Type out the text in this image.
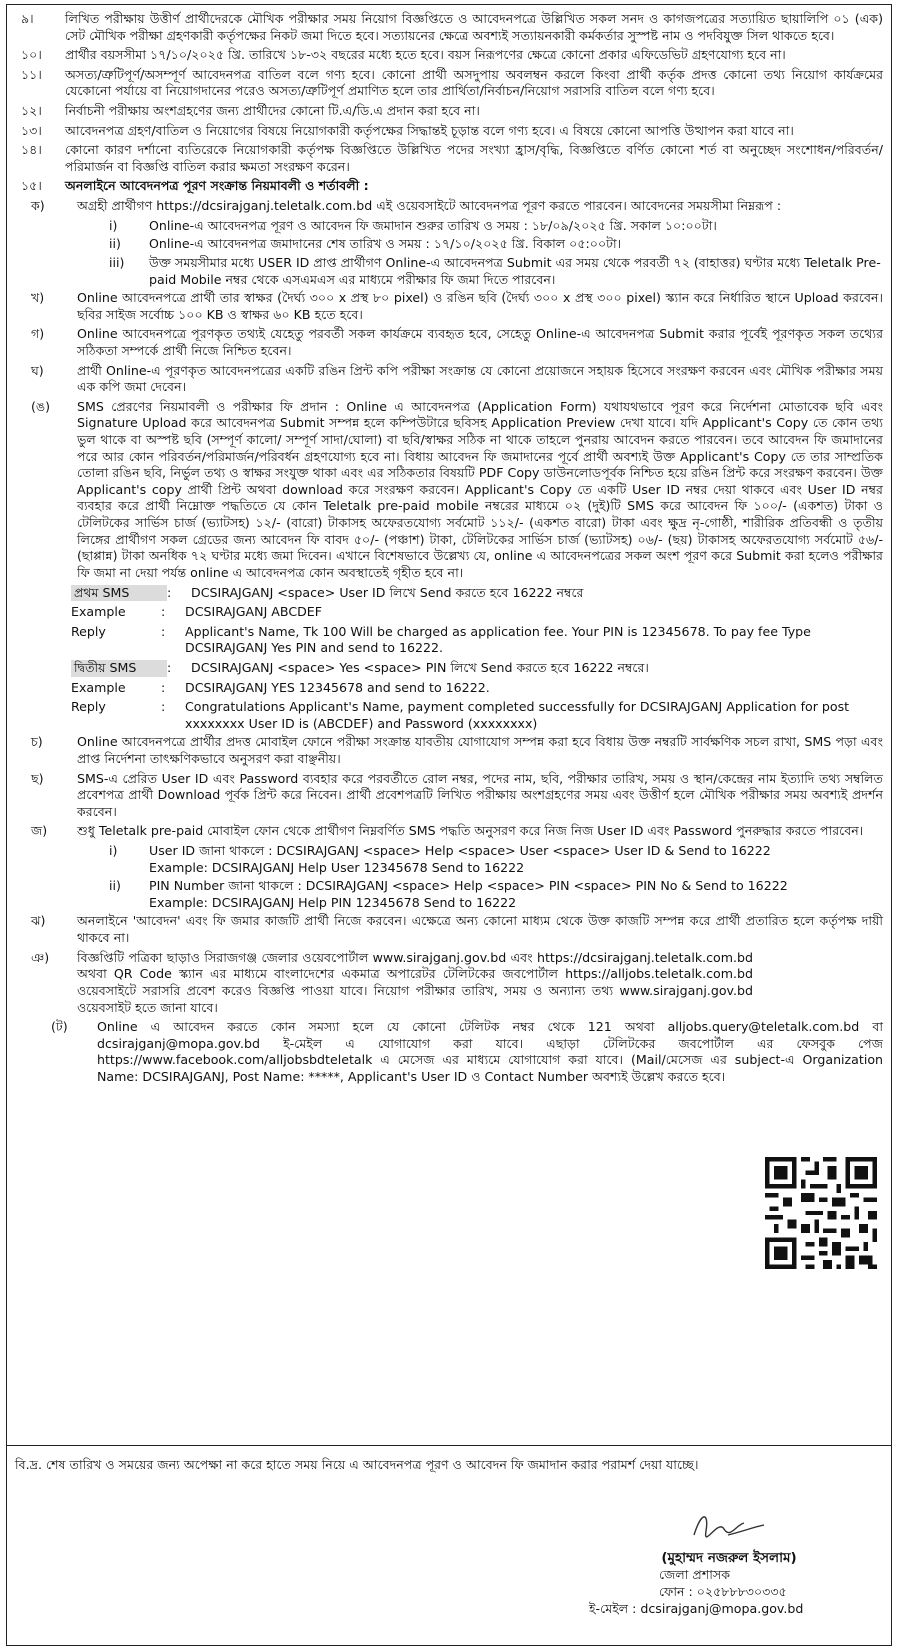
৯।	লিখিত পরীক্ষায় উত্তীর্ণ প্রার্থীদেরকে মৌখিক পরীক্ষার সময় নিয়োগ বিজ্ঞপ্তিতে ও আবেদনপত্রে উল্লিখিত সকল সনদ ও কাগজপত্রের সত্যায়িত ছায়ালিপি ০১ (এক) সেট মৌখিক পরীক্ষা গ্রহণকারী কর্তৃপক্ষের নিকট জমা দিতে হবে। সত্যায়নের ক্ষেত্রে অবশ্যই সত্যায়নকারী কর্মকর্তার সুস্পষ্ট নাম ও পদবিযুক্ত সিল থাকতে হবে।
১০।	প্রার্থীর বয়সসীমা ১৭/১০/২০২৫ খ্রি. তারিখে ১৮-৩২ বছরের মধ্যে হতে হবে। বয়স নিরূপণের ক্ষেত্রে কোনো প্রকার এফিডেভিট গ্রহণযোগ্য হবে না।
১১।	অসত্য/ত্রুটিপূর্ণ/অসম্পূর্ণ আবেদনপত্র বাতিল বলে গণ্য হবে। কোনো প্রার্থী অসদুপায় অবলম্বন করলে কিংবা প্রার্থী কর্তৃক প্রদত্ত কোনো তথ্য নিয়োগ কার্যক্রমের যেকোনো পর্যায়ে বা নিয়োগদানের পরেও অসত্য/ত্রুটিপূর্ণ প্রমাণিত হলে তার প্রার্থিতা/নির্বাচন/নিয়োগ সরাসরি বাতিল বলে গণ্য হবে।
১২।	নির্বাচনী পরীক্ষায় অংশগ্রহণের জন্য প্রার্থীদের কোনো টি.এ/ডি.এ প্রদান করা হবে না।
১৩।	আবেদনপত্র গ্রহণ/বাতিল ও নিয়োগের বিষয়ে নিয়োগকারী কর্তৃপক্ষের সিদ্ধান্তই চূড়ান্ত বলে গণ্য হবে। এ বিষয়ে কোনো আপত্তি উত্থাপন করা যাবে না।
১৪।	কোনো কারণ দর্শানো ব্যতিরেকে নিয়োগকারী কর্তৃপক্ষ বিজ্ঞপ্তিতে উল্লিখিত পদের সংখ্যা হ্রাস/বৃদ্ধি, বিজ্ঞপ্তিতে বর্ণিত কোনো শর্ত বা অনুচ্ছেদ সংশোধন/পরিবর্তন/পরিমার্জন বা বিজ্ঞপ্তি বাতিল করার ক্ষমতা সংরক্ষণ করেন।
১৫।	অনলাইনে আবেদনপত্র পূরণ সংক্রান্ত নিয়মাবলী ও শর্তাবলী :
ক)	অগ্রহী প্রার্থীগণ https://dcsirajganj.teletalk.com.bd এই ওয়েবসাইটে আবেদনপত্র পূরণ করতে পারবেন। আবেদনের সময়সীমা নিম্নরূপ :
i)	Online-এ আবেদনপত্র পূরণ ও আবেদন ফি জমাদান শুরুর তারিখ ও সময় : ১৮/০৯/২০২৫ খ্রি. সকাল ১০:০০টা।
ii)	Online-এ আবেদনপত্র জমাদানের শেষ তারিখ ও সময় : ১৭/১০/২০২৫ খ্রি. বিকাল ০৫:০০টা।
iii)	উক্ত সময়সীমার মধ্যে USER ID প্রাপ্ত প্রার্থীগণ Online-এ আবেদনপত্র Submit এর সময় থেকে পরবর্তী ৭২ (বাহাত্তর) ঘণ্টার মধ্যে Teletalk Pre-paid Mobile নম্বর থেকে এসএমএস এর মাধ্যমে পরীক্ষার ফি জমা দিতে পারবেন।
খ)	Online আবেদনপত্রে প্রার্থী তার স্বাক্ষর (দৈর্ঘ্য ৩০০ x প্রস্থ ৮০ pixel) ও রঙিন ছবি (দৈর্ঘ্য ৩০০ x প্রস্থ ৩০০ pixel) স্ক্যান করে নির্ধারিত স্থানে Upload করবেন। ছবির সাইজ সর্বোচ্চ ১০০ KB ও স্বাক্ষর ৬০ KB হতে হবে।
গ)	Online আবেদনপত্রে পূরণকৃত তথ্যই যেহেতু পরবর্তী সকল কার্যক্রমে ব্যবহৃত হবে, সেহেতু Online-এ আবেদনপত্র Submit করার পূর্বেই পূরণকৃত সকল তথ্যের সঠিকতা সম্পর্কে প্রার্থী নিজে নিশ্চিত হবেন।
ঘ)	প্রার্থী Online-এ পূরণকৃত আবেদনপত্রের একটি রঙিন প্রিন্ট কপি পরীক্ষা সংক্রান্ত যে কোনো প্রয়োজনে সহায়ক হিসেবে সংরক্ষণ করবেন এবং মৌখিক পরীক্ষার সময় এক কপি জমা দেবেন।
(ঙ)	SMS প্রেরণের নিয়মাবলী ও পরীক্ষার ফি প্রদান : Online এ আবেদনপত্র (Application Form) যথাযথভাবে পূরণ করে নির্দেশনা মোতাবেক ছবি এবং Signature Upload করে আবেদনপত্র Submit সম্পন্ন হলে কম্পিউটারে ছবিসহ Application Preview দেখা যাবে। যদি Applicant's Copy তে কোন তথ্য ভুল থাকে বা অস্পষ্ট ছবি (সম্পূর্ণ কালো/ সম্পূর্ণ সাদা/ঘোলা) বা ছবি/স্বাক্ষর সঠিক না থাকে তাহলে পুনরায় আবেদন করতে পারবেন। তবে আবেদন ফি জমাদানের পরে আর কোন পরিবর্তন/পরিমার্জন/পরিবর্ধন গ্রহণযোগ্য হবে না। বিধায় আবেদন ফি জমাদানের পূর্বে প্রার্থী অবশ্যই উক্ত Applicant's Copy তে তার সাম্প্রতিক তোলা রঙিন ছবি, নির্ভুল তথ্য ও স্বাক্ষর সংযুক্ত থাকা এবং এর সঠিকতার বিষয়টি PDF Copy ডাউনলোডপূর্বক নিশ্চিত হয়ে রঙিন প্রিন্ট করে সংরক্ষণ করবেন। উক্ত Applicant's copy প্রার্থী প্রিন্ট অথবা download করে সংরক্ষণ করবেন। Applicant's Copy তে একটি User ID নম্বর দেয়া থাকবে এবং User ID নম্বর ব্যবহার করে প্রার্থী নিম্নোক্ত পদ্ধতিতে যে কোন Teletalk pre-paid mobile নম্বরের মাধ্যমে ০২ (দুই)টি SMS করে আবেদন ফি ১০০/- (একশত) টাকা ও টেলিটকের সার্ভিস চার্জ (ভ্যাটসহ) ১২/- (বারো) টাকাসহ অফেরতযোগ্য সর্বমোট ১১২/- (একশত বারো) টাকা এবং ক্ষুদ্র নৃ-গোষ্ঠী, শারীরিক প্রতিবন্ধী ও তৃতীয় লিঙ্গের প্রার্থীগণ সকল গ্রেডের জন্য আবেদন ফি বাবদ ৫০/- (পঞ্চাশ) টাকা, টেলিটকের সার্ভিস চার্জ (ভ্যাটসহ) ০৬/- (ছয়) টাকাসহ অফেরতযোগ্য সর্বমোট ৫৬/- (ছাপ্পান্ন) টাকা অনধিক ৭২ ঘণ্টার মধ্যে জমা দিবেন। এখানে বিশেষভাবে উল্লেখ্য যে, online এ আবেদনপত্রের সকল অংশ পূরণ করে Submit করা হলেও পরীক্ষার ফি জমা না দেয়া পর্যন্ত online এ আবেদনপত্র কোন অবস্থাতেই গৃহীত হবে না।
প্রথম SMS	:	DCSIRAJGANJ <space> User ID লিখে Send করতে হবে 16222 নম্বরে
Example	:	DCSIRAJGANJ ABCDEF
Reply	:	Applicant's Name, Tk 100 Will be charged as application fee. Your PIN is 12345678. To pay fee Type DCSIRAJGANJ Yes PIN and send to 16222.
দ্বিতীয় SMS	:	DCSIRAJGANJ <space> Yes <space> PIN লিখে Send করতে হবে 16222 নম্বরে।
Example	:	DCSIRAJGANJ YES 12345678 and send to 16222.
Reply	:	Congratulations Applicant's Name, payment completed successfully for DCSIRAJGANJ Application for post xxxxxxxx User ID is (ABCDEF) and Password (xxxxxxxx)
চ)	Online আবেদনপত্রে প্রার্থীর প্রদত্ত মোবাইল ফোনে পরীক্ষা সংক্রান্ত যাবতীয় যোগাযোগ সম্পন্ন করা হবে বিধায় উক্ত নম্বরটি সার্বক্ষণিক সচল রাখা, SMS পড়া এবং প্রাপ্ত নির্দেশনা তাৎক্ষণিকভাবে অনুসরণ করা বাঞ্ছনীয়।
ছ)	SMS-এ প্রেরিত User ID এবং Password ব্যবহার করে পরবর্তীতে রোল নম্বর, পদের নাম, ছবি, পরীক্ষার তারিখ, সময় ও স্থান/কেন্দ্রের নাম ইত্যাদি তথ্য সম্বলিত প্রবেশপত্র প্রার্থী Download পূর্বক প্রিন্ট করে নিবেন। প্রার্থী প্রবেশপত্রটি লিখিত পরীক্ষায় অংশগ্রহণের সময় এবং উত্তীর্ণ হলে মৌখিক পরীক্ষার সময় অবশ্যই প্রদর্শন করবেন।
জ)	শুধু Teletalk pre-paid মোবাইল ফোন থেকে প্রার্থীগণ নিম্নবর্ণিত SMS পদ্ধতি অনুসরণ করে নিজ নিজ User ID এবং Password পুনরুদ্ধার করতে পারবেন।
i)	User ID জানা থাকলে : DCSIRAJGANJ <space> Help <space> User <space> User ID & Send to 16222
Example: DCSIRAJGANJ Help User 12345678 Send to 16222
ii)	PIN Number জানা থাকলে : DCSIRAJGANJ <space> Help <space> PIN <space> PIN No & Send to 16222
Example: DCSIRAJGANJ Help PIN 12345678 Send to 16222
ঝ)	অনলাইনে 'আবেদন' এবং ফি জমার কাজটি প্রার্থী নিজে করবেন। এক্ষেত্রে অন্য কোনো মাধ্যম থেকে উক্ত কাজটি সম্পন্ন করে প্রার্থী প্রতারিত হলে কর্তৃপক্ষ দায়ী থাকবে না।
ঞ)	বিজ্ঞপ্তিটি পত্রিকা ছাড়াও সিরাজগঞ্জ জেলার ওয়েবপোর্টাল www.sirajganj.gov.bd এবং https://dcsirajganj.teletalk.com.bd অথবা QR Code স্ক্যান এর মাধ্যমে বাংলাদেশের একমাত্র অপারেটর টেলিটকের জবপোর্টাল https://alljobs.teletalk.com.bd ওয়েবসাইটে সরাসরি প্রবেশ করেও বিজ্ঞপ্তি পাওয়া যাবে। নিয়োগ পরীক্ষার তারিখ, সময় ও অন্যান্য তথ্য www.sirajganj.gov.bd ওয়েবসাইট হতে জানা যাবে।
(ট)	Online এ আবেদন করতে কোন সমস্যা হলে যে কোনো টেলিটক নম্বর থেকে 121 অথবা alljobs.query@teletalk.com.bd বা dcsirajganj@mopa.gov.bd ই-মেইল এ যোগাযোগ করা যাবে। এছাড়া টেলিটকের জবপোর্টাল এর ফেসবুক পেজ https://www.facebook.com/alljobsbdteletalk এ মেসেজ এর মাধ্যমে যোগাযোগ করা যাবে। (Mail/মেসেজ এর subject-এ Organization Name: DCSIRAJGANJ, Post Name: *****, Applicant's User ID ও Contact Number অবশ্যই উল্লেখ করতে হবে।
বি.দ্র. শেষ তারিখ ও সময়ের জন্য অপেক্ষা না করে হাতে সময় নিয়ে এ আবেদনপত্র পূরণ ও আবেদন ফি জমাদান করার পরামর্শ দেয়া যাচ্ছে।
(মুহাম্মদ নজরুল ইসলাম)
জেলা প্রশাসক
ফোন : ০২৫৮৮৮৩০৩৩৫
ই-মেইল : dcsirajganj@mopa.gov.bd
